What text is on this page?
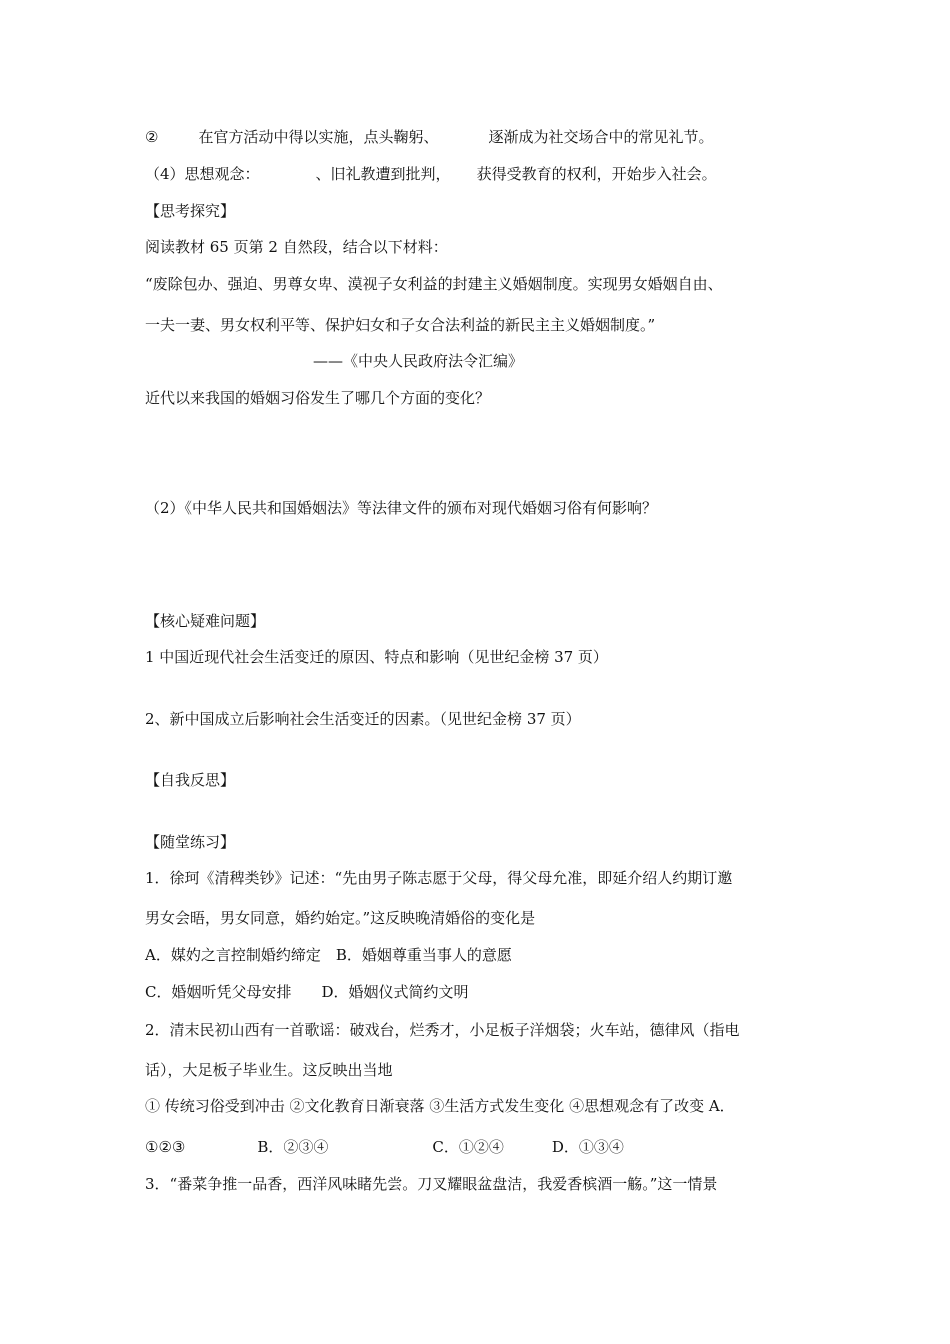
②	在官方活动中得以实施，点头鞠躬、	逐渐成为社交场合中的常见礼节。
（4）思想观念：	、旧礼教遭到批判， 获得受教育的权利，开始步入社会。
【思考探究】
阅读教材 65 页第 2 自然段，结合以下材料：
“废除包办、强迫、男尊女卑、漠视子女利益的封建主义婚姻制度。实现男女婚姻自由、
一夫一妻、男女权利平等、保护妇女和子女合法利益的新民主主义婚姻制度。”
——《中央人民政府法令汇编》
近代以来我国的婚姻习俗发生了哪几个方面的变化？
（2）《中华人民共和国婚姻法》等法律文件的颁布对现代婚姻习俗有何影响？
【核心疑难问题】
1 中国近现代社会生活变迁的原因、特点和影响（见世纪金榜 37 页）
2、新中国成立后影响社会生活变迁的因素。（见世纪金榜 37 页）
【自我反思】
【随堂练习】
1．徐珂《清稗类钞》记述：“先由男子陈志愿于父母，得父母允准，即延介绍人约期订邀
男女会晤，男女同意，婚约始定。”这反映晚清婚俗的变化是
A．媒妁之言控制婚约缔定　B．婚姻尊重当事人的意愿
C．婚姻听凭父母安排　　D．婚姻仪式简约文明
2．清末民初山西有一首歌谣：破戏台，烂秀才，小足板子洋烟袋；火车站，德律风（指电
话），大足板子毕业生。这反映出当地
① 传统习俗受到冲击 ②文化教育日渐衰落 ③生活方式发生变化 ④思想观念有了改变 A．
①②③	B．②③④	C．①②④	D．①③④
3．“番菜争推一品香，西洋风味睹先尝。刀叉耀眼盆盘洁，我爱香槟酒一觞。”这一情景
